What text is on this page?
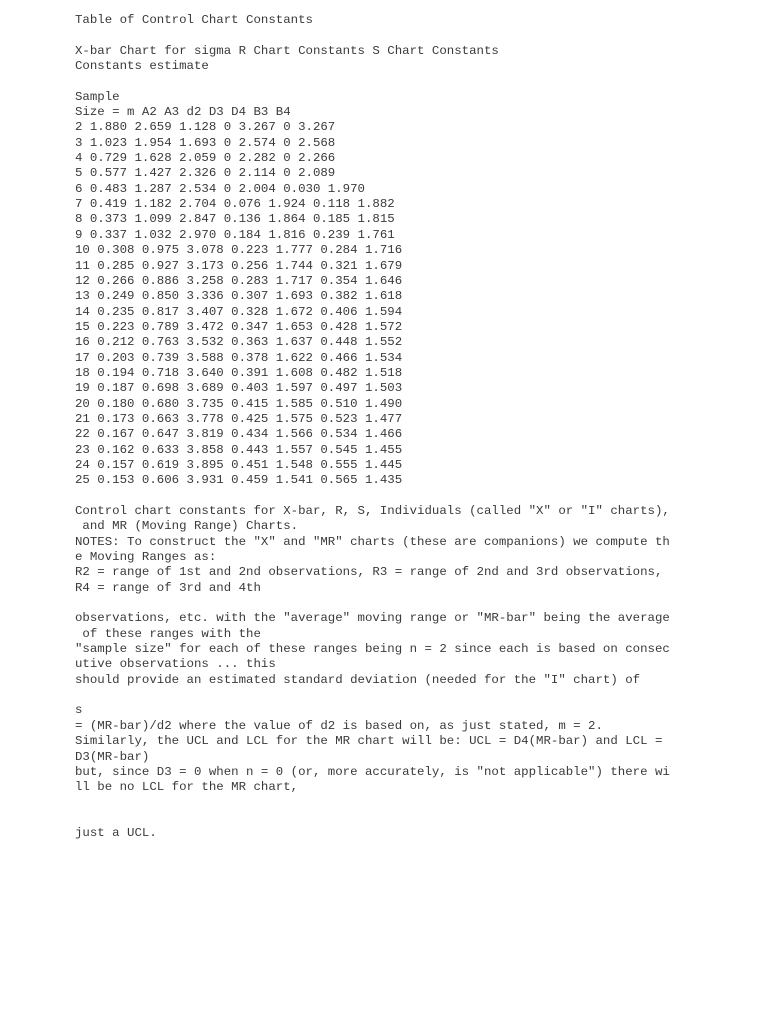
Table of Control Chart Constants
X-bar Chart for sigma R Chart Constants S Chart Constants
Constants estimate
Sample
Size = m A2 A3 d2 D3 D4 B3 B4
2 1.880 2.659 1.128 0 3.267 0 3.267
3 1.023 1.954 1.693 0 2.574 0 2.568
4 0.729 1.628 2.059 0 2.282 0 2.266
5 0.577 1.427 2.326 0 2.114 0 2.089
6 0.483 1.287 2.534 0 2.004 0.030 1.970
7 0.419 1.182 2.704 0.076 1.924 0.118 1.882
8 0.373 1.099 2.847 0.136 1.864 0.185 1.815
9 0.337 1.032 2.970 0.184 1.816 0.239 1.761
10 0.308 0.975 3.078 0.223 1.777 0.284 1.716
11 0.285 0.927 3.173 0.256 1.744 0.321 1.679
12 0.266 0.886 3.258 0.283 1.717 0.354 1.646
13 0.249 0.850 3.336 0.307 1.693 0.382 1.618
14 0.235 0.817 3.407 0.328 1.672 0.406 1.594
15 0.223 0.789 3.472 0.347 1.653 0.428 1.572
16 0.212 0.763 3.532 0.363 1.637 0.448 1.552
17 0.203 0.739 3.588 0.378 1.622 0.466 1.534
18 0.194 0.718 3.640 0.391 1.608 0.482 1.518
19 0.187 0.698 3.689 0.403 1.597 0.497 1.503
20 0.180 0.680 3.735 0.415 1.585 0.510 1.490
21 0.173 0.663 3.778 0.425 1.575 0.523 1.477
22 0.167 0.647 3.819 0.434 1.566 0.534 1.466
23 0.162 0.633 3.858 0.443 1.557 0.545 1.455
24 0.157 0.619 3.895 0.451 1.548 0.555 1.445
25 0.153 0.606 3.931 0.459 1.541 0.565 1.435
Control chart constants for X-bar, R, S, Individuals (called "X" or "I" charts),
and MR (Moving Range) Charts.
NOTES: To construct the "X" and "MR" charts (these are companions) we compute th
e Moving Ranges as:
R2 = range of 1st and 2nd observations, R3 = range of 2nd and 3rd observations,
R4 = range of 3rd and 4th
observations, etc. with the "average" moving range or "MR-bar" being the average
of these ranges with the
"sample size" for each of these ranges being n = 2 since each is based on consec
utive observations ... this
should provide an estimated standard deviation (needed for the "I" chart) of
s
= (MR-bar)/d2 where the value of d2 is based on, as just stated, m = 2.
Similarly, the UCL and LCL for the MR chart will be: UCL = D4(MR-bar) and LCL =
D3(MR-bar)
but, since D3 = 0 when n = 0 (or, more accurately, is "not applicable") there wi
ll be no LCL for the MR chart,
just a UCL.
